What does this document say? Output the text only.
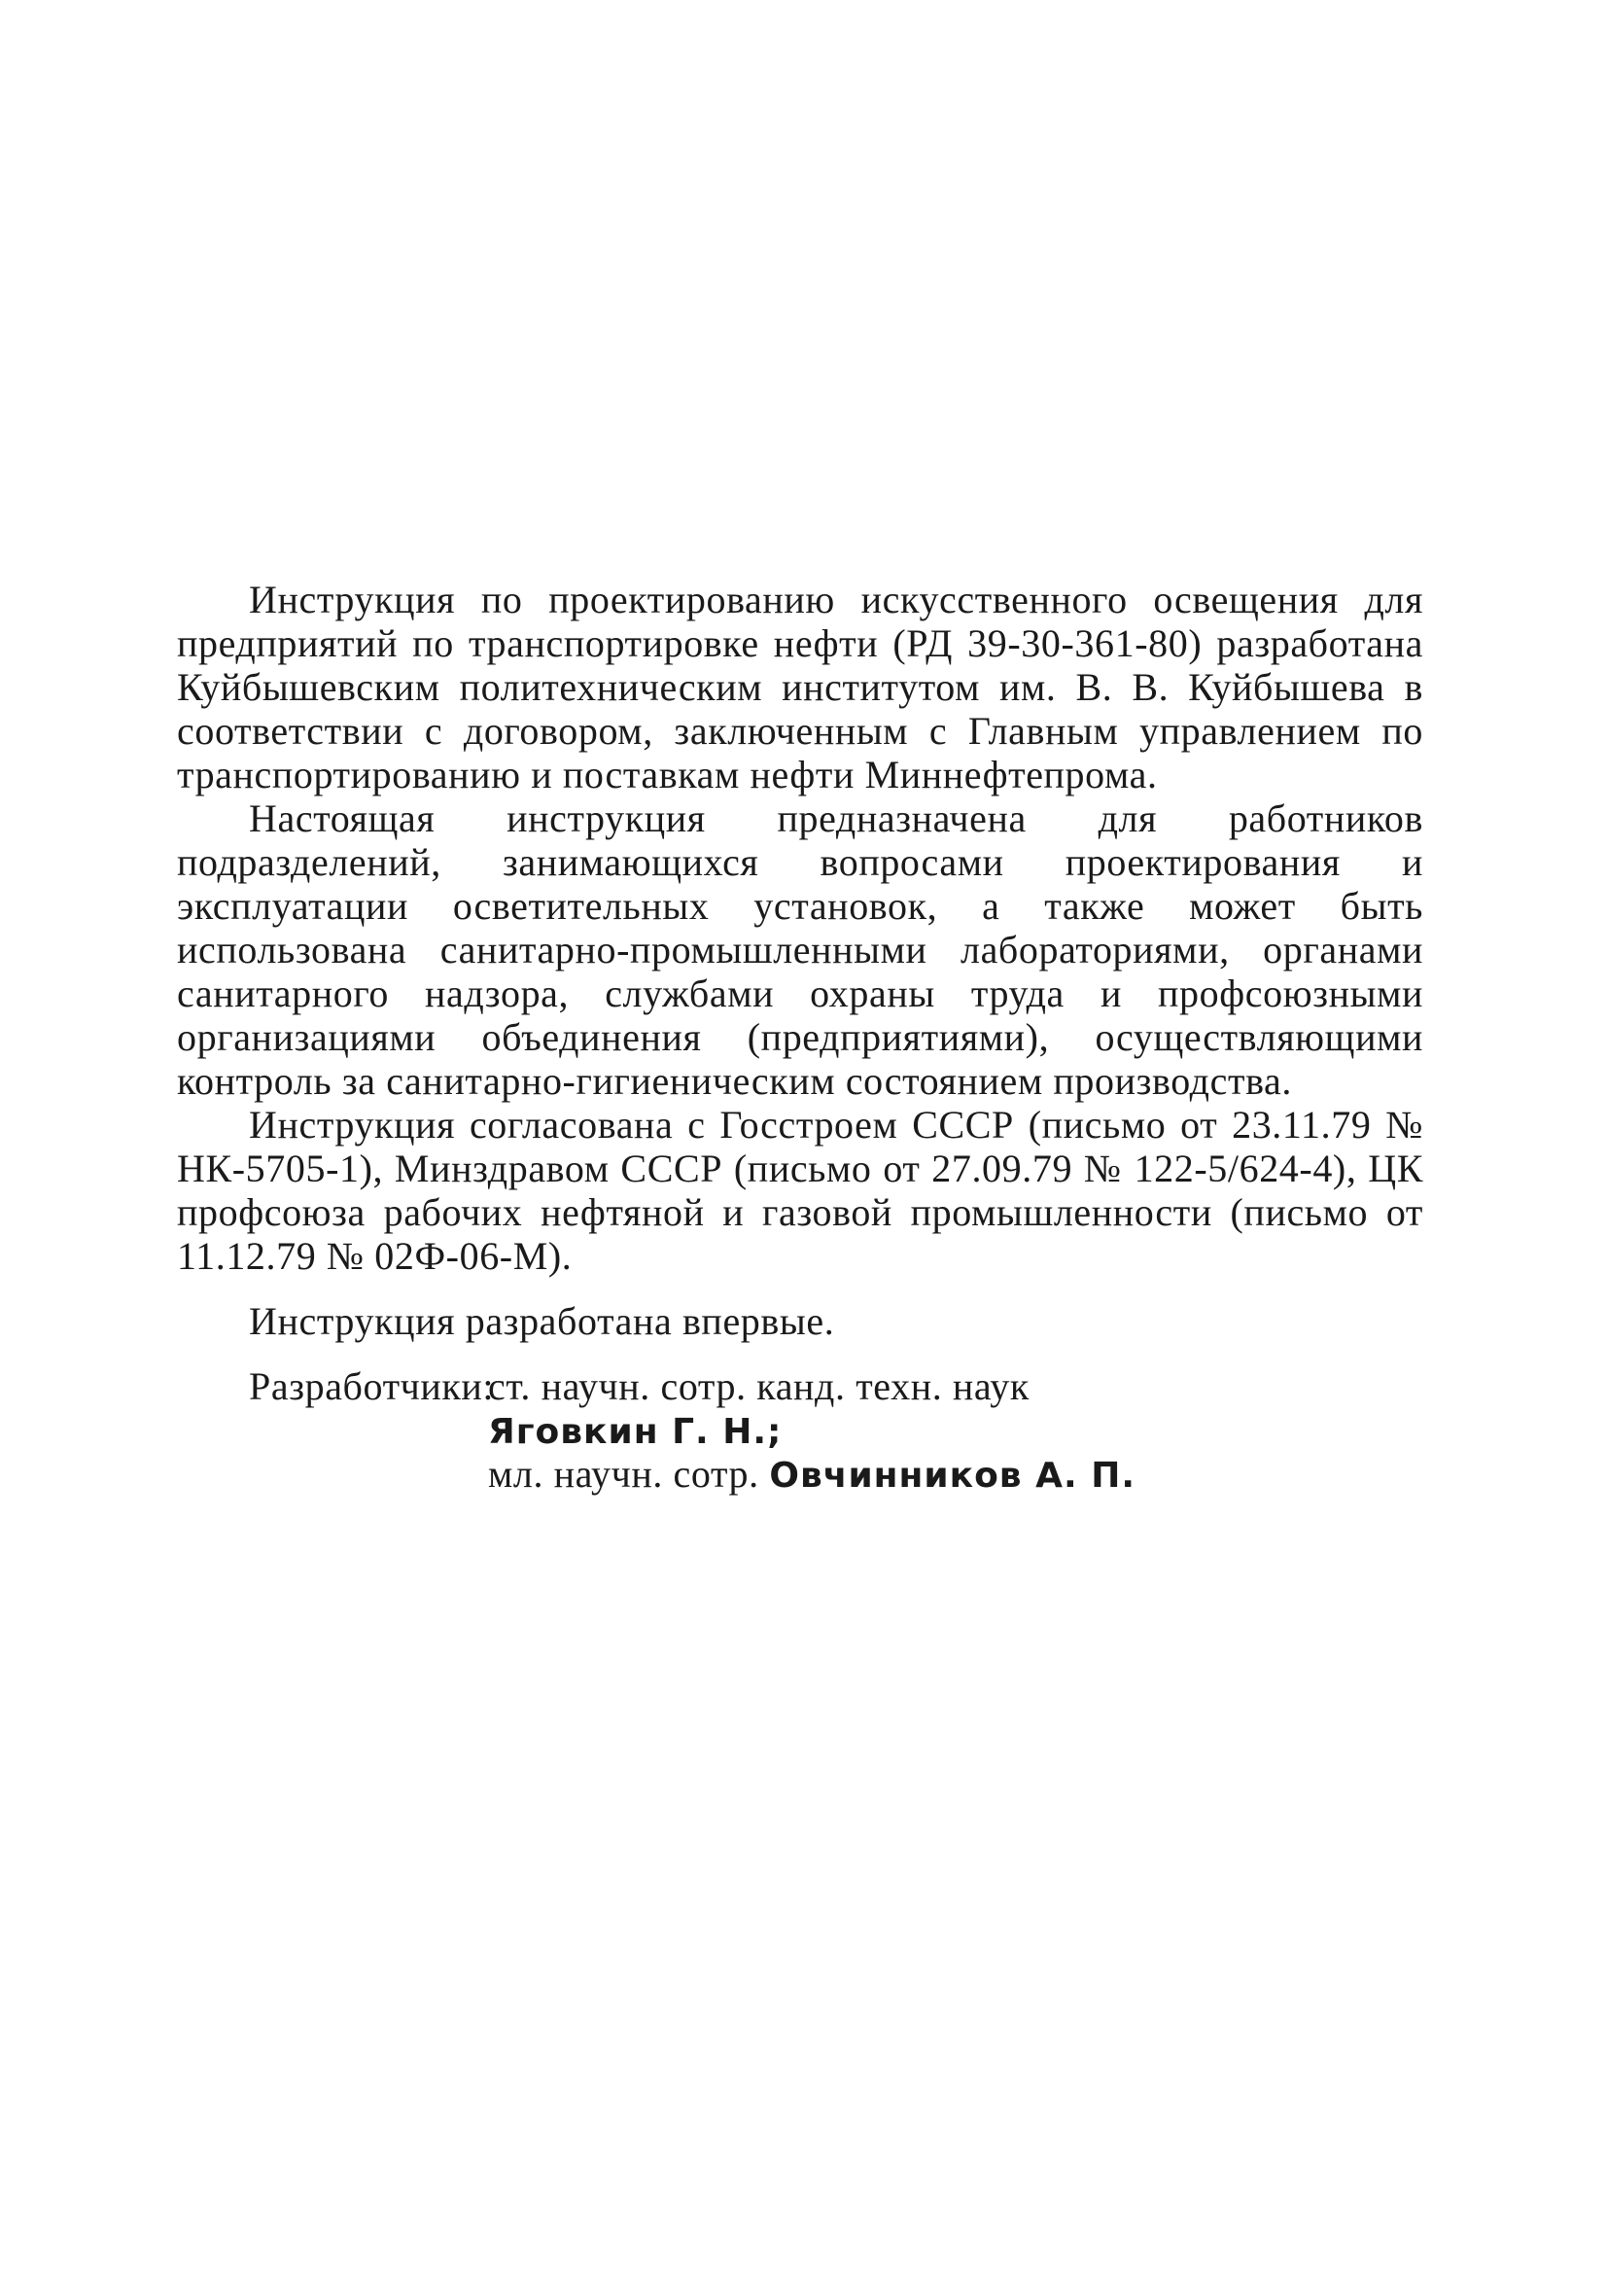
Инструкция по проектированию искусственного освещения для предприятий по транспортировке нефти (РД 39-30-361-80) разработана Куйбышевским политехническим институтом им. В. В. Куйбышева в соответствии с договором, заключенным с Главным управлением по транспортированию и поставкам нефти Миннефтепрома.

Настоящая инструкция предназначена для работников подразделений, занимающихся вопросами проектирования и эксплуатации осветительных установок, а также может быть использована санитарно-промышленными лабораториями, органами санитарного надзора, службами охраны труда и профсоюзными организациями объединения (предприятиями), осуществляющими контроль за санитарно-гигиеническим состоянием производства.

Инструкция согласована с Госстроем СССР (письмо от 23.11.79 № НК-5705-1), Минздравом СССР (письмо от 27.09.79 № 122-5/624-4), ЦК профсоюза рабочих нефтяной и газовой промышленности (письмо от 11.12.79 № 02Ф-06-М).

Инструкция разработана впервые.

Разработчики:
ст. научн. сотр. канд. техн. наук
Яговкин Г. Н.;
мл. научн. сотр. Овчинников А. П.
